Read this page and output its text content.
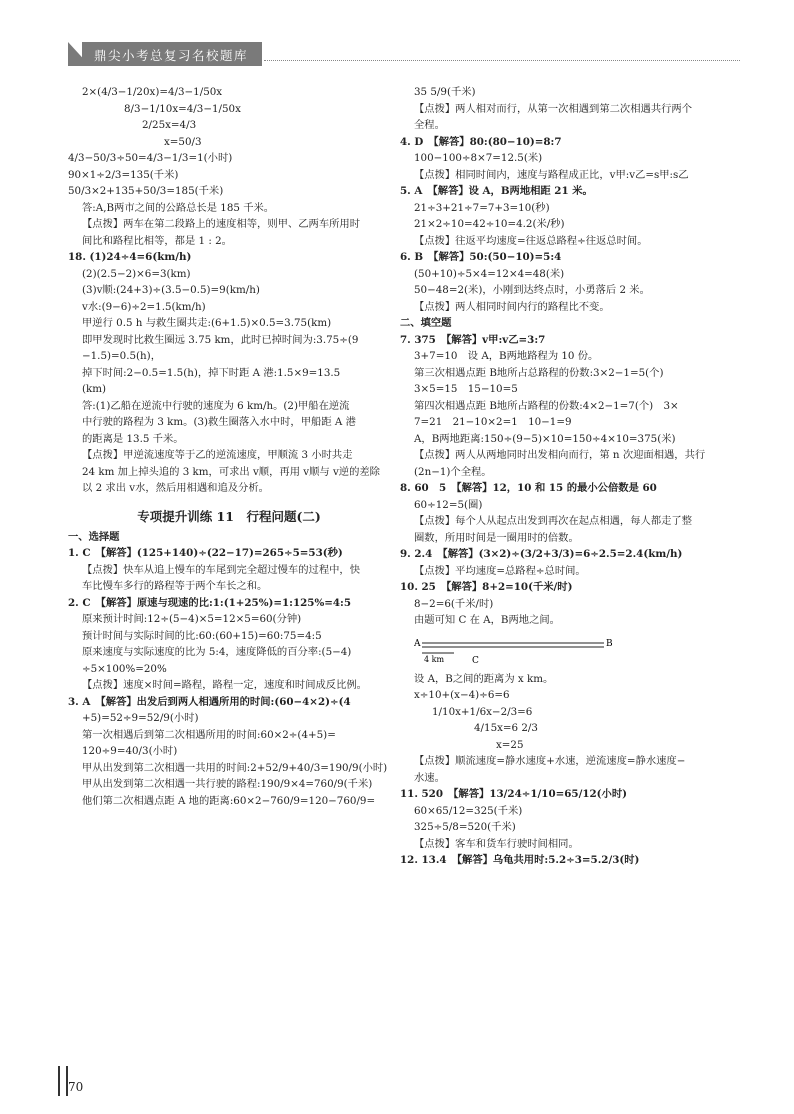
鼎尖小考总复习名校题库
2×(4/3−1/20x)=4/3−1/50x
8/3−1/10x=4/3−1/50x
2/25x=4/3
x=50/3
4/3−50/3÷50=4/3−1/3=1(小时)
90×1÷2/3=135(千米)
50/3×2+135+50/3=185(千米)
答:A,B两市之间的公路总长是 185 千米。
【点拨】两车在第二段路上的速度相等，则甲、乙两车所用时
间比和路程比相等，都是 1 : 2。
18. (1)24÷4=6(km/h)
(2)(2.5−2)×6=3(km)
(3)v顺:(24+3)÷(3.5−0.5)=9(km/h)
v水:(9−6)÷2=1.5(km/h)
甲逆行 0.5 h 与救生圈共走:(6+1.5)×0.5=3.75(km)
即甲发现时比救生圈远 3.75 km，此时已掉时间为:3.75÷(9
−1.5)=0.5(h)，
掉下时间:2−0.5=1.5(h)，掉下时距 A 港:1.5×9=13.5
(km)
答:(1)乙船在逆流中行驶的速度为 6 km/h。(2)甲船在逆流
中行驶的路程为 3 km。(3)救生圈落入水中时，甲船距 A 港
的距离是 13.5 千米。
【点拨】甲逆流速度等于乙的逆流速度，甲顺流 3 小时共走
24 km 加上掉头追的 3 km，可求出 v顺，再用 v顺与 v逆的差除
以 2 求出 v水，然后用相遇和追及分析。
专项提升训练 11　行程问题(二)
一、选择题
1. C　【解答】(125+140)÷(22−17)=265÷5=53(秒)
【点拨】快车从追上慢车的车尾到完全超过慢车的过程中，快
车比慢车多行的路程等于两个车长之和。
2. C　【解答】原速与现速的比:1:(1+25%)=1:125%=4:5
原来预计时间:12÷(5−4)×5=12×5=60(分钟)
预计时间与实际时间的比:60:(60+15)=60:75=4:5
原来速度与实际速度的比为 5:4，速度降低的百分率:(5−4)
÷5×100%=20%
【点拨】速度×时间=路程，路程一定，速度和时间成反比例。
3. A　【解答】出发后到两人相遇所用的时间:(60−4×2)÷(4
+5)=52÷9=52/9(小时)
第一次相遇后到第二次相遇所用的时间:60×2÷(4+5)=
120÷9=40/3(小时)
甲从出发到第二次相遇一共用的时间:2+52/9+40/3=190/9(小时)
甲从出发到第二次相遇一共行驶的路程:190/9×4=760/9(千米)
他们第二次相遇点距 A 地的距离:60×2−760/9=120−760/9=
35 5/9(千米)
【点拨】两人相对而行，从第一次相遇到第二次相遇共行两个
全程。
4. D　【解答】80:(80−10)=8:7
100−100÷8×7=12.5(米)
【点拨】相同时间内，速度与路程成正比，v甲:v乙=s甲:s乙
5. A　【解答】设 A，B两地相距 21 米。
21÷3+21÷7=7+3=10(秒)
21×2÷10=42÷10=4.2(米/秒)
【点拨】往返平均速度=往返总路程÷往返总时间。
6. B　【解答】50:(50−10)=5:4
(50+10)÷5×4=12×4=48(米)
50−48=2(米)，小刚到达终点时，小勇落后 2 米。
【点拨】两人相同时间内行的路程比不变。
二、填空题
7. 375　【解答】v甲:v乙=3:7
3+7=10　设 A，B两地路程为 10 份。
第三次相遇点距 B地所占总路程的份数:3×2−1=5(个)
3×5=15　15−10=5
第四次相遇点距 B地所占路程的份数:4×2−1=7(个)　3×
7=21　21−10×2=1　10−1=9
A，B两地距离:150÷(9−5)×10=150÷4×10=375(米)
【点拨】两人从两地同时出发相向而行，第 n 次迎面相遇，共行
(2n−1)个全程。
8. 60　5　【解答】12，10 和 15 的最小公倍数是 60
60÷12=5(圈)
【点拨】每个人从起点出发到再次在起点相遇，每人都走了整
圈数，所用时间是一圈用时的倍数。
9. 2.4　【解答】(3×2)÷(3/2+3/3)=6÷2.5=2.4(km/h)
【点拨】平均速度=总路程÷总时间。
10. 25　【解答】8+2=10(千米/时)
8−2=6(千米/时)
由题可知 C 在 A，B两地之间。
A	B
C
4 km
设 A，B之间的距离为 x km。
x÷10+(x−4)÷6=6
1/10x+1/6x−2/3=6
4/15x=6 2/3
x=25
【点拨】顺流速度=静水速度+水速，逆流速度=静水速度−
水速。
11. 520　【解答】13/24÷1/10=65/12(小时)
60×65/12=325(千米)
325÷5/8=520(千米)
【点拨】客车和货车行驶时间相同。
12. 13.4　【解答】乌龟共用时:5.2÷3=5.2/3(时)
70
